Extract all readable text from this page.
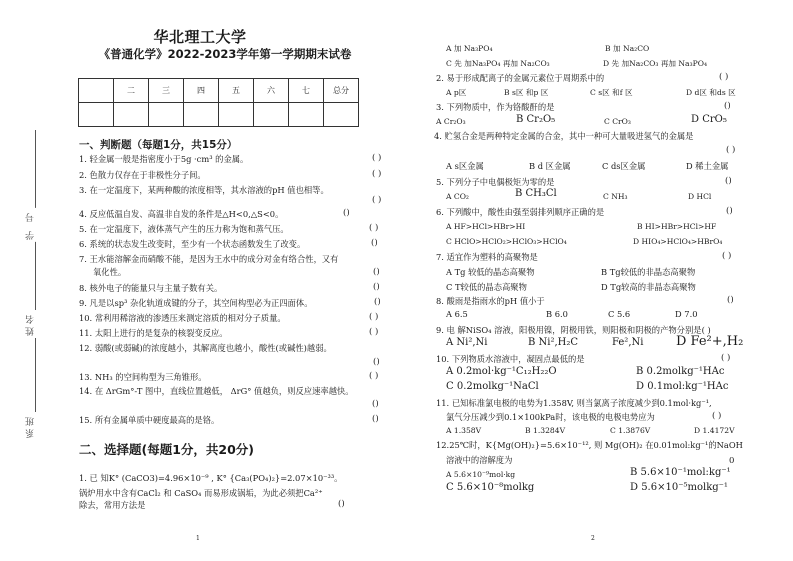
华北理工大学
《普通化学》2022-2023学年第一学期期末试卷
	二	三	四	五	六	七	总分

学 号
姓名
系班
一、判断题（每题1分，共15分）
1. 轻金属一般是指密度小于5g ·cm³ 的金属。	( )
2. 色散力仅存在于非极性分子间。	( )
3. 在一定温度下，某两种酸的浓度相等，其水溶液的pH 值也相等。
( )
4. 反应低温自发、高温非自发的条件是△H<0,△S<0。	()
5. 在一定温度下，液体蒸气产生的压力称为饱和蒸气压。	( )
6. 系统的状态发生改变时，至少有一个状态函数发生了改变。	()
7. 王水能溶解金而硝酸不能，是因为王水中的成分对金有络合性，又有
氧化性。	()
8. 核外电子的能量只与主量子数有关。	()
9. 凡是以sp³ 杂化轨道成键的分子，其空间构型必为正四面体。	()
10. 常利用稀溶液的渗透压来测定溶质的相对分子质量。	( )
11. 太阳上进行的是复杂的核裂变反应。	( )
12. 弱酸(或弱碱)的浓度越小，其解离度也越小，酸性(或碱性)越弱。
()
13. NH₃ 的空间构型为三角锥形。	( )
14. 在 ΔrGm°-T 图中，直线位置越低， ΔrG° 值越负，则反应速率越快。
()
15. 所有金属单质中硬度最高的是铬。	()
二、选择题(每题1分，共20分)
1. 已 知K° (CaCO3)=4.96×10⁻⁹ , K° {Ca₃(PO₄)₂}=2.07×10⁻³³。
锅炉用水中含有CaCl₂ 和 CaSO₄ 而易形成锅垢，为此必须把Ca²⁺
除去，常用方法是	()
1
A 加 Na₃PO₄	B 加 Na₂CO
C 先 加Na₃PO₄ 再加 Na₂CO₃	D 先 加Na₂CO₃ 再加 Na₃PO₄
2. 易于形成配离子的金属元素位于周期系中的	( )
A p区	B s区 和p 区	C s区 和f 区	D d区 和ds 区
3. 下列物质中，作为铬酸酐的是	()
A Cr₂O₃	B Cr₂O₅	C CrO₃	D CrO₅
4. 贮氢合金是两种特定金属的合金，其中一种可大量吸进氢气的金属是
( )
A s区金属	B d 区金属	C ds区金属	D 稀土金属
5. 下列分子中电偶极矩为零的是	()
A CO₂	B CH₃Cl	C NH₃	D HCl
6. 下列酸中，酸性由强至弱排列顺序正确的是	()
A HF>HCl>HBr>HI	B HI>HBr>HCl>HF
C HClO>HClO₂>HClO₃>HClO₄	D HIO₄>HClO₄>HBrO₄
7. 适宜作为塑料的高聚物是	( )
A Tg 较低的晶态高聚物	B Tg较低的非晶态高聚物
C T较低的晶态高聚物	D Tg较高的非晶态高聚物
8. 酸雨是指雨水的pH 值小于	()
A 6.5	B 6.0	C 5.6	D 7.0
9. 电 解NiSO₄ 溶液，阳极用镍，阴极用铁，则阳极和阴极的产物分别是( )
A Ni²,Ni	B Ni²,H₂C	Fe²,Ni	D Fe²+,H₂
10. 下列物质水溶液中，凝固点最低的是	( )
A 0.2mol·kg⁻¹C₁₂H₂₂O	B 0.2molkg⁻¹HAc
C 0.2molkg⁻¹NaCl	D 0.1mol:kg⁻¹HAc
11. 已知标准氯电极的电势为1.358V, 则当氯离子浓度减少到0.1mol·kg⁻¹,
氯气分压减少到0.1×100kPa时，该电极的电极电势应为	( )
A 1.358V	B 1.3284V	C 1.3876V	D 1.4172V
12.25℃时，K{Mg(OH)₂}=5.6×10⁻¹², 则 Mg(OH)₂ 在0.01mol:kg⁻¹的NaOH
溶液中的溶解度为	0
A 5.6×10⁻⁹mol·kg	B 5.6×10⁻¹mol:kg⁻¹
C 5.6×10⁻⁸molkg	D 5.6×10⁻⁵molkg⁻¹
2
